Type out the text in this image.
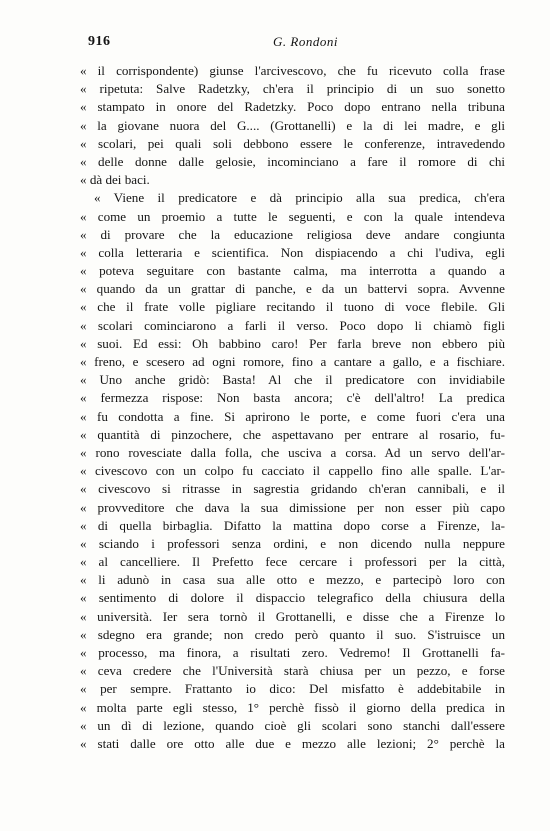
916	G. Rondoni
« il corrispondente) giunse l'arcivescovo, che fu ricevuto colla frase
« ripetuta: Salve Radetzky, ch'era il principio di un suo sonetto
« stampato in onore del Radetzky. Poco dopo entrano nella tribuna
« la giovane nuora del G.... (Grottanelli) e la di lei madre, e gli
« scolari, pei quali soli debbono essere le conferenze, intravedendo
« delle donne dalle gelosie, incominciano a fare il romore di chi
« dà dei baci.
« Viene il predicatore e dà principio alla sua predica, ch'era
« come un proemio a tutte le seguenti, e con la quale intendeva
« di provare che la educazione religiosa deve andare congiunta
« colla letteraria e scientifica. Non dispiacendo a chi l'udiva, egli
« poteva seguitare con bastante calma, ma interrotta a quando a
« quando da un grattar di panche, e da un battervi sopra. Avvenne
« che il frate volle pigliare recitando il tuono di voce flebile. Gli
« scolari cominciarono a farli il verso. Poco dopo li chiamò figli
« suoi. Ed essi: Oh babbino caro! Per farla breve non ebbero più
« freno, e scesero ad ogni romore, fino a cantare a gallo, e a fischiare.
« Uno anche gridò: Basta! Al che il predicatore con invidiabile
« fermezza rispose: Non basta ancora; c'è dell'altro! La predica
« fu condotta a fine. Si aprirono le porte, e come fuori c'era una
« quantità di pinzochere, che aspettavano per entrare al rosario, fu-
« rono rovesciate dalla folla, che usciva a corsa. Ad un servo dell'ar-
« civescovo con un colpo fu cacciato il cappello fino alle spalle. L'ar-
« civescovo si ritrasse in sagrestia gridando ch'eran cannibali, e il
« provveditore che dava la sua dimissione per non esser più capo
« di quella birbaglia. Difatto la mattina dopo corse a Firenze, la-
« sciando i professori senza ordini, e non dicendo nulla neppure
« al cancelliere. Il Prefetto fece cercare i professori per la città,
« li adunò in casa sua alle otto e mezzo, e partecipò loro con
« sentimento di dolore il dispaccio telegrafico della chiusura della
« università. Ier sera tornò il Grottanelli, e disse che a Firenze lo
« sdegno era grande; non credo però quanto il suo. S'istruisce un
« processo, ma finora, a risultati zero. Vedremo! Il Grottanelli fa-
« ceva credere che l'Università starà chiusa per un pezzo, e forse
« per sempre. Frattanto io dico: Del misfatto è addebitabile in
« molta parte egli stesso, 1° perchè fissò il giorno della predica in
« un dì di lezione, quando cioè gli scolari sono stanchi dall'essere
« stati dalle ore otto alle due e mezzo alle lezioni; 2° perchè la
